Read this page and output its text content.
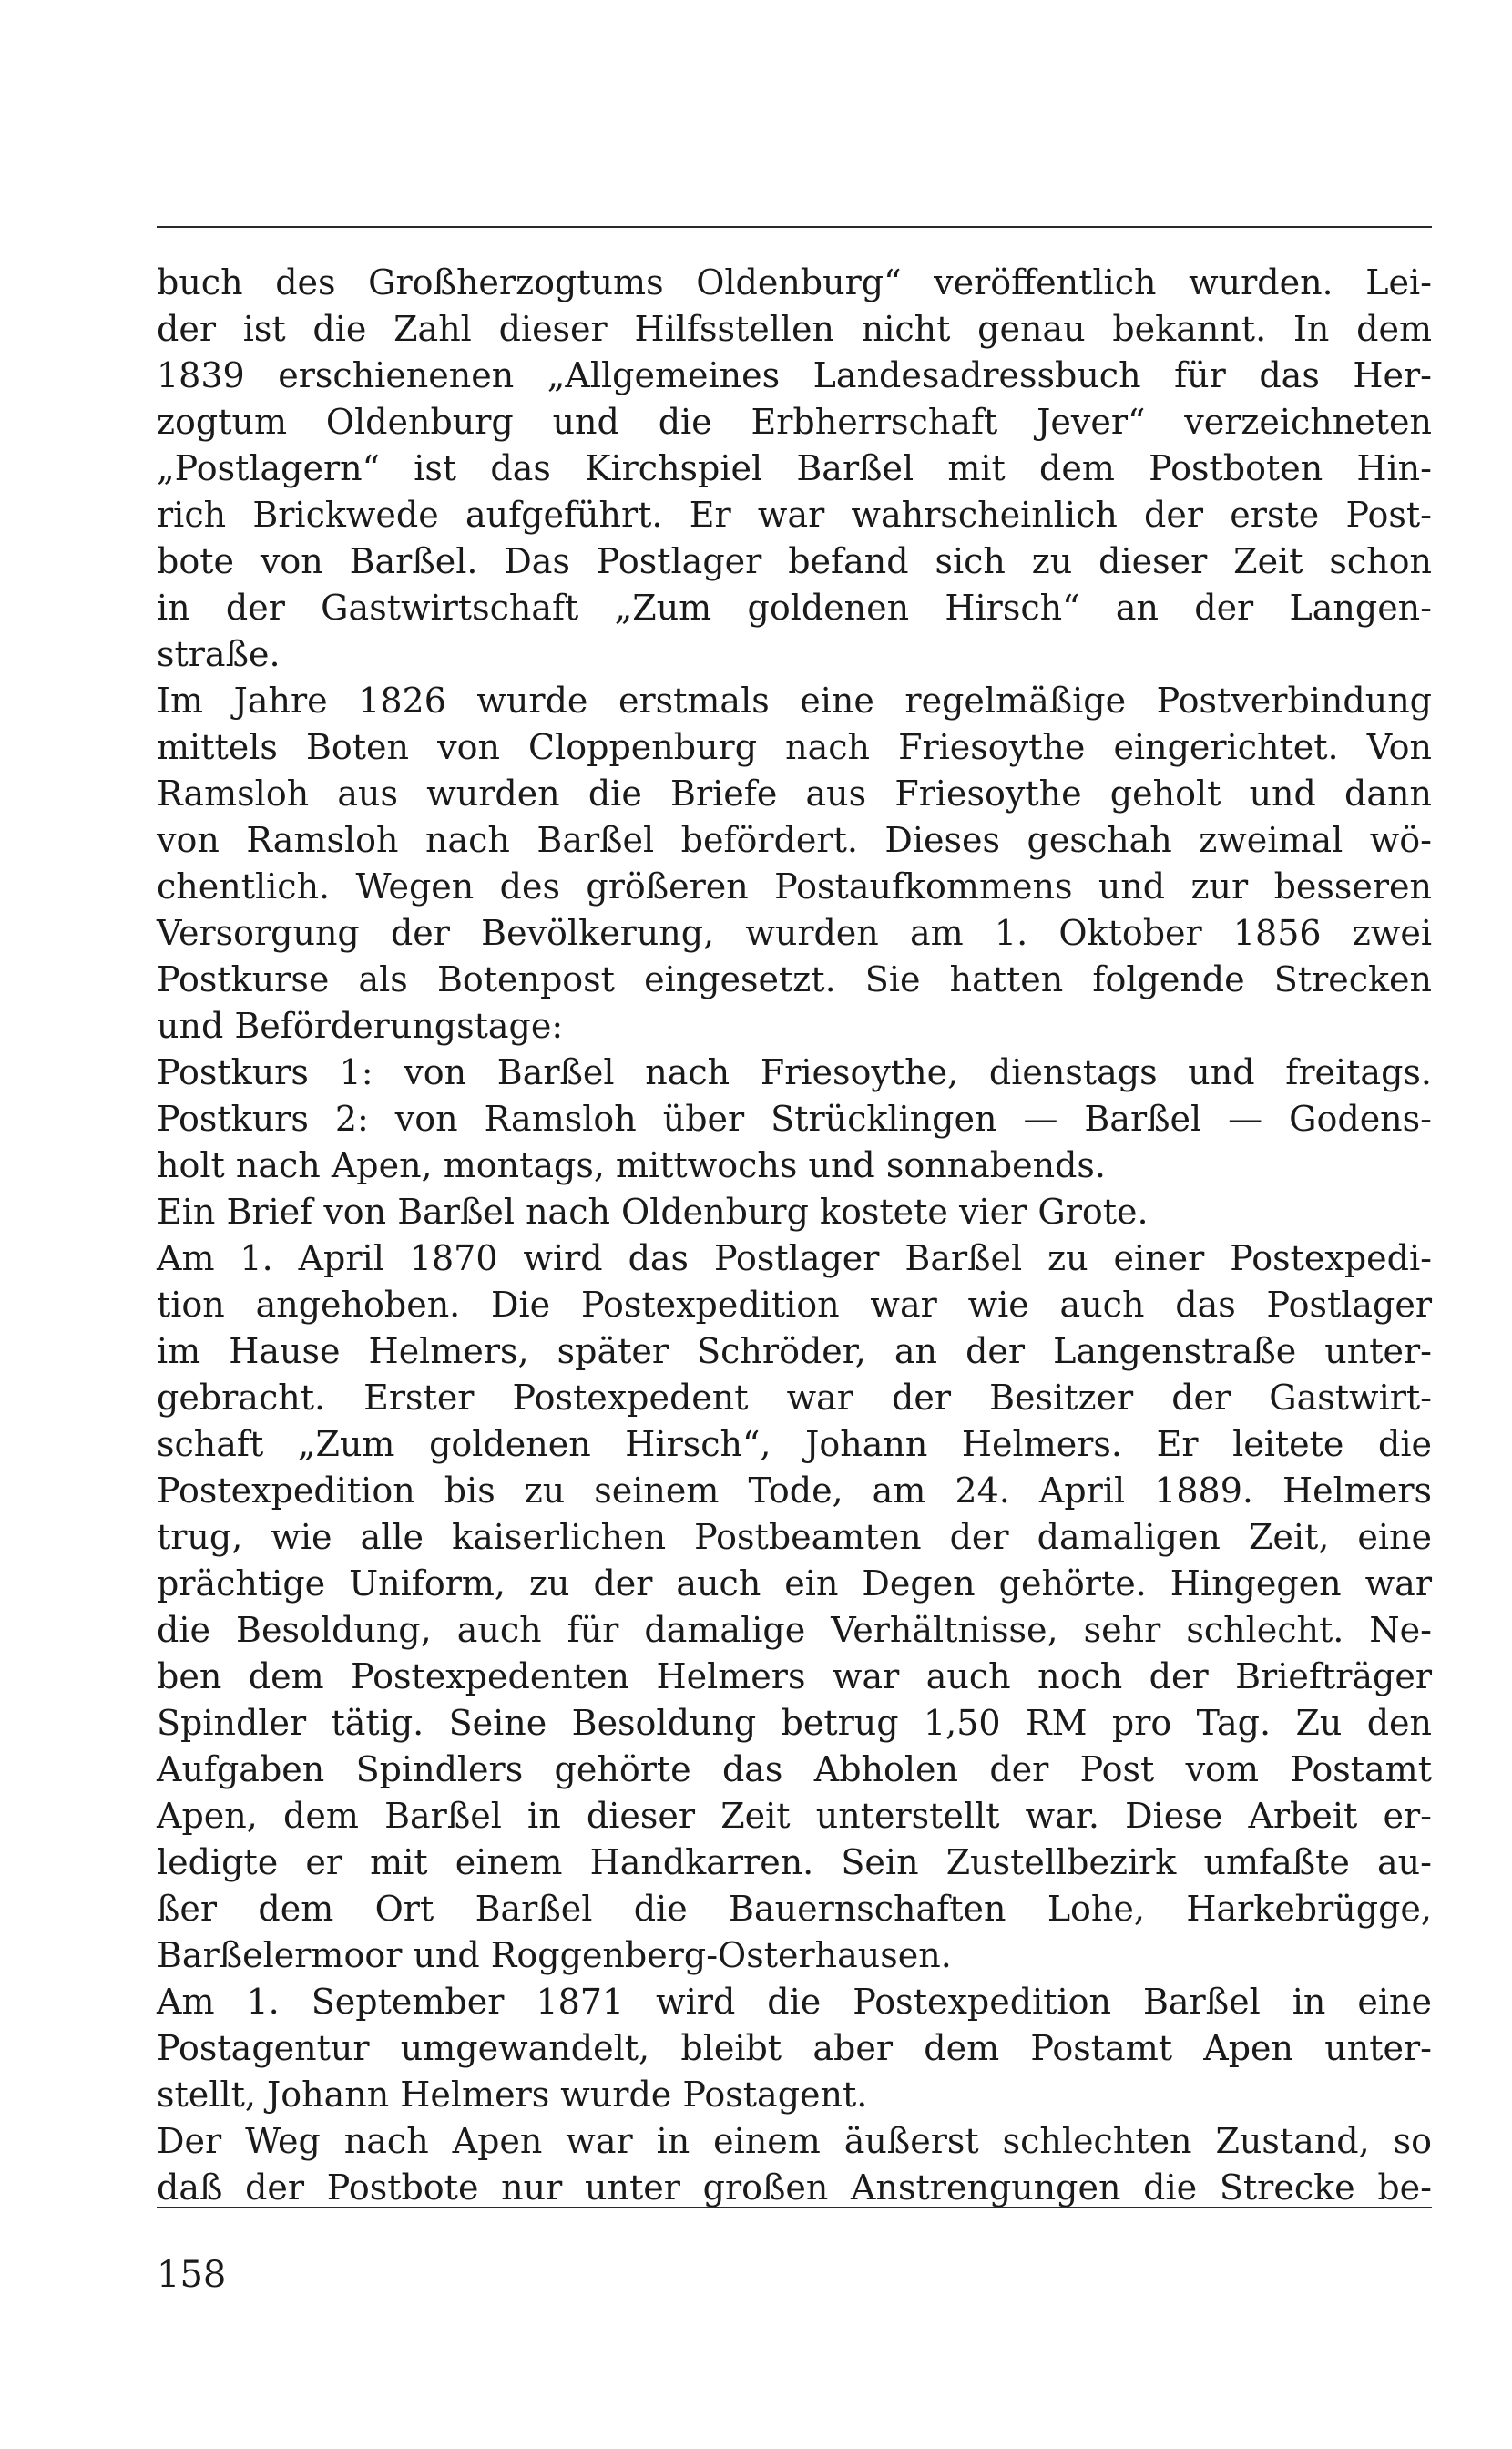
buch des Großherzogtums Oldenburg“ veröffentlich wurden. Lei-
der ist die Zahl dieser Hilfsstellen nicht genau bekannt. In dem
1839 erschienenen „Allgemeines Landesadressbuch für das Her-
zogtum Oldenburg und die Erbherrschaft Jever“ verzeichneten
„Postlagern“ ist das Kirchspiel Barßel mit dem Postboten Hin-
rich Brickwede aufgeführt. Er war wahrscheinlich der erste Post-
bote von Barßel. Das Postlager befand sich zu dieser Zeit schon
in der Gastwirtschaft „Zum goldenen Hirsch“ an der Langen-
straße.
Im Jahre 1826 wurde erstmals eine regelmäßige Postverbindung
mittels Boten von Cloppenburg nach Friesoythe eingerichtet. Von
Ramsloh aus wurden die Briefe aus Friesoythe geholt und dann
von Ramsloh nach Barßel befördert. Dieses geschah zweimal wö-
chentlich. Wegen des größeren Postaufkommens und zur besseren
Versorgung der Bevölkerung, wurden am 1. Oktober 1856 zwei
Postkurse als Botenpost eingesetzt. Sie hatten folgende Strecken
und Beförderungstage:
Postkurs 1: von Barßel nach Friesoythe, dienstags und freitags.
Postkurs 2: von Ramsloh über Strücklingen — Barßel — Godens-
holt nach Apen, montags, mittwochs und sonnabends.
Ein Brief von Barßel nach Oldenburg kostete vier Grote.
Am 1. April 1870 wird das Postlager Barßel zu einer Postexpedi-
tion angehoben. Die Postexpedition war wie auch das Postlager
im Hause Helmers, später Schröder, an der Langenstraße unter-
gebracht. Erster Postexpedent war der Besitzer der Gastwirt-
schaft „Zum goldenen Hirsch“, Johann Helmers. Er leitete die
Postexpedition bis zu seinem Tode, am 24. April 1889. Helmers
trug, wie alle kaiserlichen Postbeamten der damaligen Zeit, eine
prächtige Uniform, zu der auch ein Degen gehörte. Hingegen war
die Besoldung, auch für damalige Verhältnisse, sehr schlecht. Ne-
ben dem Postexpedenten Helmers war auch noch der Briefträger
Spindler tätig. Seine Besoldung betrug 1,50 RM pro Tag. Zu den
Aufgaben Spindlers gehörte das Abholen der Post vom Postamt
Apen, dem Barßel in dieser Zeit unterstellt war. Diese Arbeit er-
ledigte er mit einem Handkarren. Sein Zustellbezirk umfaßte au-
ßer dem Ort Barßel die Bauernschaften Lohe, Harkebrügge,
Barßelermoor und Roggenberg-Osterhausen.
Am 1. September 1871 wird die Postexpedition Barßel in eine
Postagentur umgewandelt, bleibt aber dem Postamt Apen unter-
stellt, Johann Helmers wurde Postagent.
Der Weg nach Apen war in einem äußerst schlechten Zustand, so
daß der Postbote nur unter großen Anstrengungen die Strecke be-
158
